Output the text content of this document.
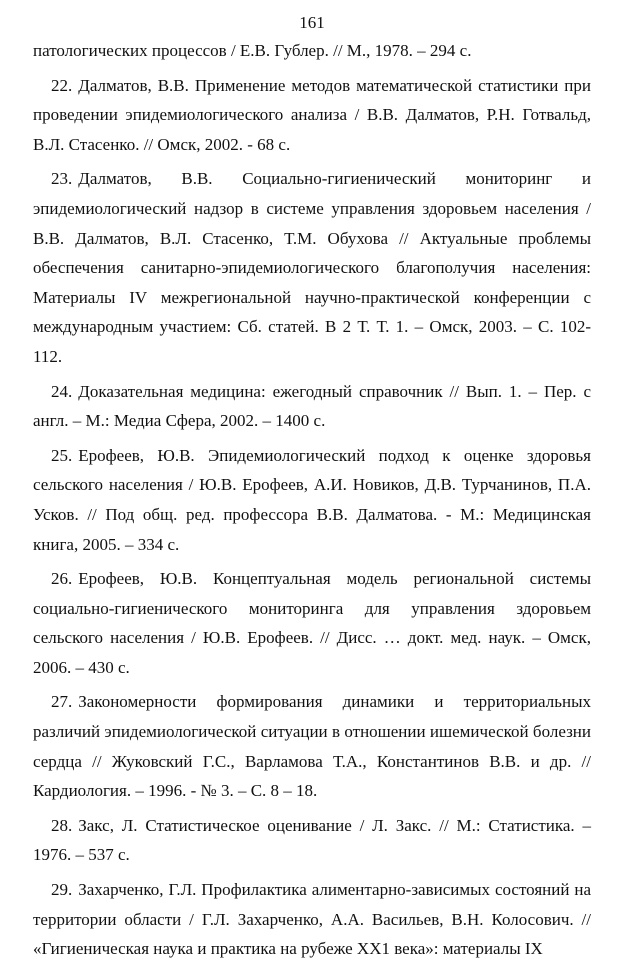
161

патологических процессов / Е.В. Гублер. // М., 1978. – 294 с.

22. Далматов, В.В. Применение методов математической статистики при проведении эпидемиологического анализа / В.В. Далматов, Р.Н. Готвальд, В.Л. Стасенко. // Омск, 2002. - 68 с.

23. Далматов, В.В. Социально-гигиенический мониторинг и эпидемиологический надзор в системе управления здоровьем населения / В.В. Далматов, В.Л. Стасенко, Т.М. Обухова // Актуальные проблемы обеспечения санитарно-эпидемиологического благополучия населения: Материалы IV межрегиональной научно-практической конференции с международным участием: Сб. статей. В 2 Т. Т. 1. – Омск, 2003. – С. 102-112.

24. Доказательная медицина: ежегодный справочник // Вып. 1. – Пер. с англ. – М.: Медиа Сфера, 2002. – 1400 с.

25. Ерофеев, Ю.В. Эпидемиологический подход к оценке здоровья сельского населения / Ю.В. Ерофеев, А.И. Новиков, Д.В. Турчанинов, П.А. Усков. // Под общ. ред. профессора В.В. Далматова. - М.: Медицинская книга, 2005. – 334 с.

26. Ерофеев, Ю.В. Концептуальная модель региональной системы социально-гигиенического мониторинга для управления здоровьем сельского населения / Ю.В. Ерофеев. // Дисс. … докт. мед. наук. – Омск, 2006. – 430 с.

27. Закономерности формирования динамики и территориальных различий эпидемиологической ситуации в отношении ишемической болезни сердца // Жуковский Г.С., Варламова Т.А., Константинов В.В. и др. // Кардиология. – 1996. - № 3. – С. 8 – 18.

28. Закс, Л. Статистическое оценивание / Л. Закс. // М.: Статистика. – 1976. – 537 с.

29. Захарченко, Г.Л. Профилактика алиментарно-зависимых состояний на территории области / Г.Л. Захарченко, А.А. Васильев, В.Н. Колосович. // «Гигиеническая наука и практика на рубеже XX1 века»: материалы IX
